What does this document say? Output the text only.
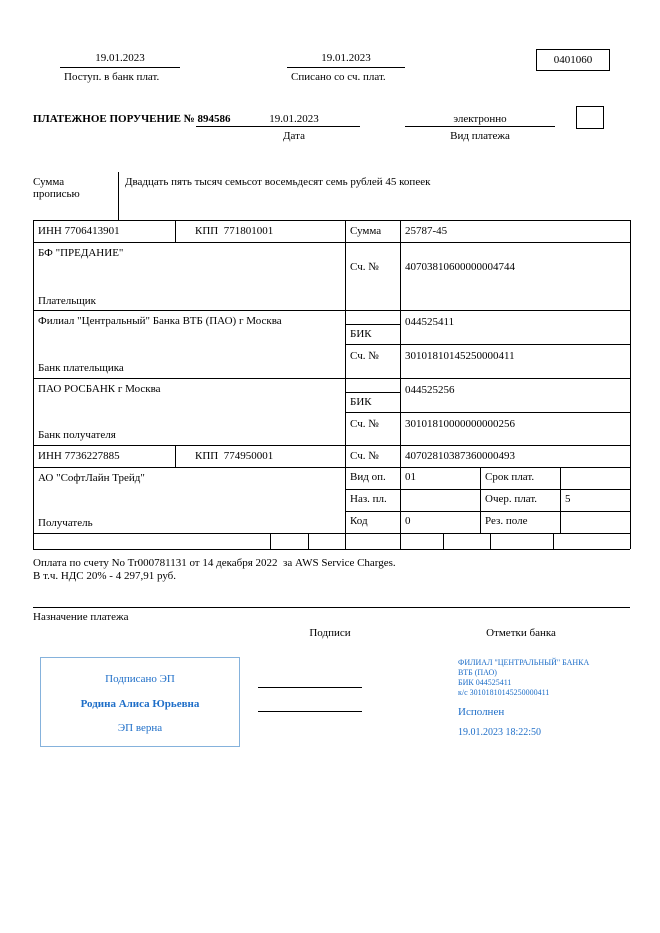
19.01.2023
Поступ. в банк плат.
19.01.2023
Списано со сч. плат.
0401060
ПЛАТЕЖНОЕ ПОРУЧЕНИЕ № 894586	19.01.2023
Дата
электронно
Вид платежа
Сумма
прописью
Двадцать пять тысяч семьсот восемьдесят семь рублей 45 копеек
ИНН 7706413901	КПП  771801001	Сумма 25787-45
БФ "ПРЕДАНИЕ"
Плательщик
Сч. № 40703810600000004744
Филиал "Центральный" Банка ВТБ (ПАО) г Москва
Банк плательщика
БИК
044525411
Сч. № 30101810145250000411
ПАО РОСБАНК г Москва
Банк получателя
БИК
044525256
Сч. № 30101810000000000256
ИНН 7736227885	КПП  774950001	Сч. № 40702810387360000493
АО "СофтЛайн Трейд"
Получатель
Вид оп. 01	Срок плат.
Наз. пл.	Очер. плат.	5
Код	0	Рез. поле
Оплата по счету No Tr000781131 от 14 декабря 2022  за AWS Service Charges.
В т.ч. НДС 20% - 4 297,91 руб.
Назначение платежа
Подписи	Отметки банка
Подписано ЭП
Родина Алиса Юрьевна
ЭП верна
ФИЛИАЛ "ЦЕНТРАЛЬНЫЙ" БАНКА
ВТБ (ПАО)
БИК 044525411
к/с 30101810145250000411
Исполнен
19.01.2023 18:22:50
